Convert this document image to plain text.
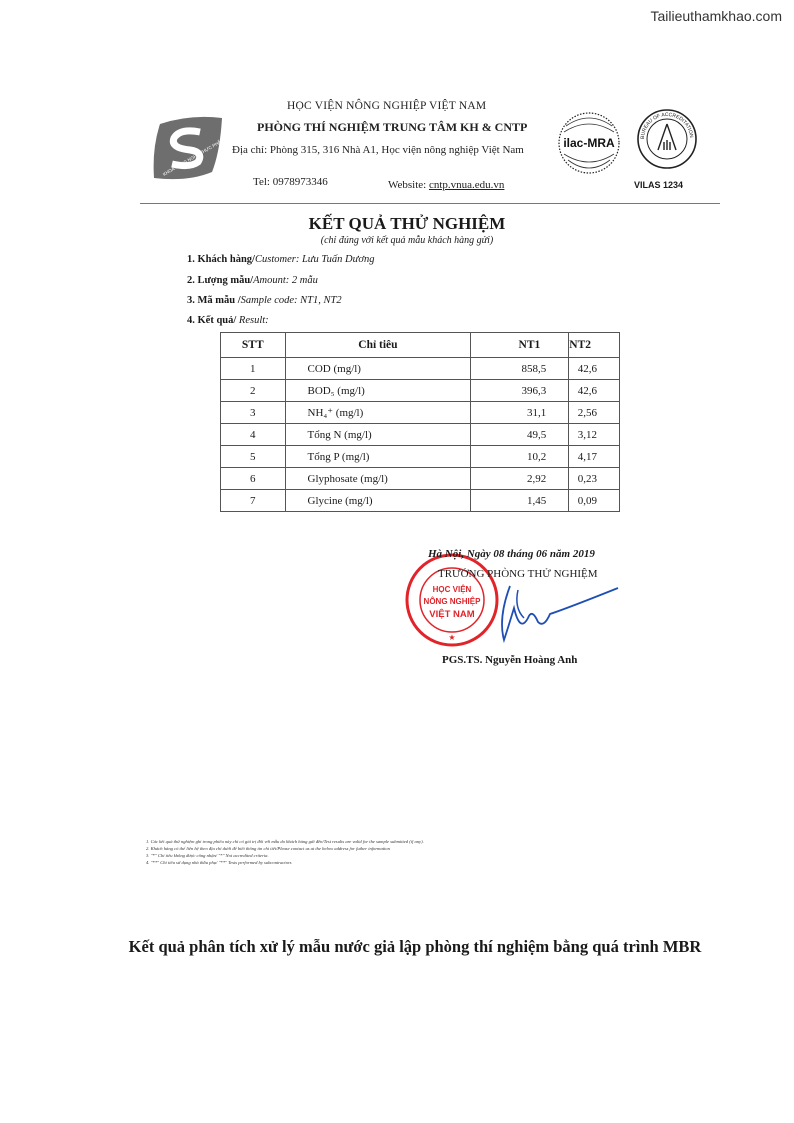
Tailieuthamkhao.com
KHOA CÔNG NGHỆ THỰC PHẨM
HỌC VIỆN NÔNG NGHIỆP VIỆT NAM
PHÒNG THÍ NGHIỆM TRUNG TÂM KH & CNTP
Địa chỉ: Phòng 315, 316 Nhà A1, Học viện nông nghiệp Việt Nam
Tel: 0978973346	Website: cntp.vnua.edu.vn
ilac-MRA	BUREAU OF ACCREDITATION
VILAS 1234
KẾT QUẢ THỬ NGHIỆM
(chỉ đúng với kết quả mẫu khách hàng gửi)
1. Khách hàng/Customer: Lưu Tuấn Dương
2. Lượng mẫu/Amount: 2 mẫu
3. Mã mẫu /Sample code: NT1, NT2
4. Kết quả/ Result:
STT	Chỉ tiêu	NT1	NT2
1	COD (mg/l)	858,5	42,6
2	BOD₅ (mg/l)	396,3	42,6
3	NH₄⁺ (mg/l)	31,1	2,56
4	Tổng N (mg/l)	49,5	3,12
5	Tổng P (mg/l)	10,2	4,17
6	Glyphosate (mg/l)	2,92	0,23
7	Glycine (mg/l)	1,45	0,09
HỌC VIỆN
NÔNG NGHIỆP
VIỆT NAM
★
Hà Nội, Ngày 08 tháng 06 năm 2019
TRƯỞNG PHÒNG THỬ NGHIỆM
PGS.TS. Nguyễn Hoàng Anh
1. Các kết quả thử nghiệm ghi trong phiếu này chỉ có giá trị đối với mẫu do khách hàng gửi đến/Test results are valid for the sample submitted (if any).
2. Khách hàng có thể liên hệ theo địa chỉ dưới để biết thông tin chi tiết/Please contact us at the below address for futher information
3. "*" Chỉ tiêu không được công nhận/ "*" Not accredited criteria.
4. "**" Chỉ tiêu sử dụng nhà thầu phụ/ "**" Tests performed by subcontractors
Kết quả phân tích xử lý mẫu nước giả lập phòng thí nghiệm bằng quá trình MBR
